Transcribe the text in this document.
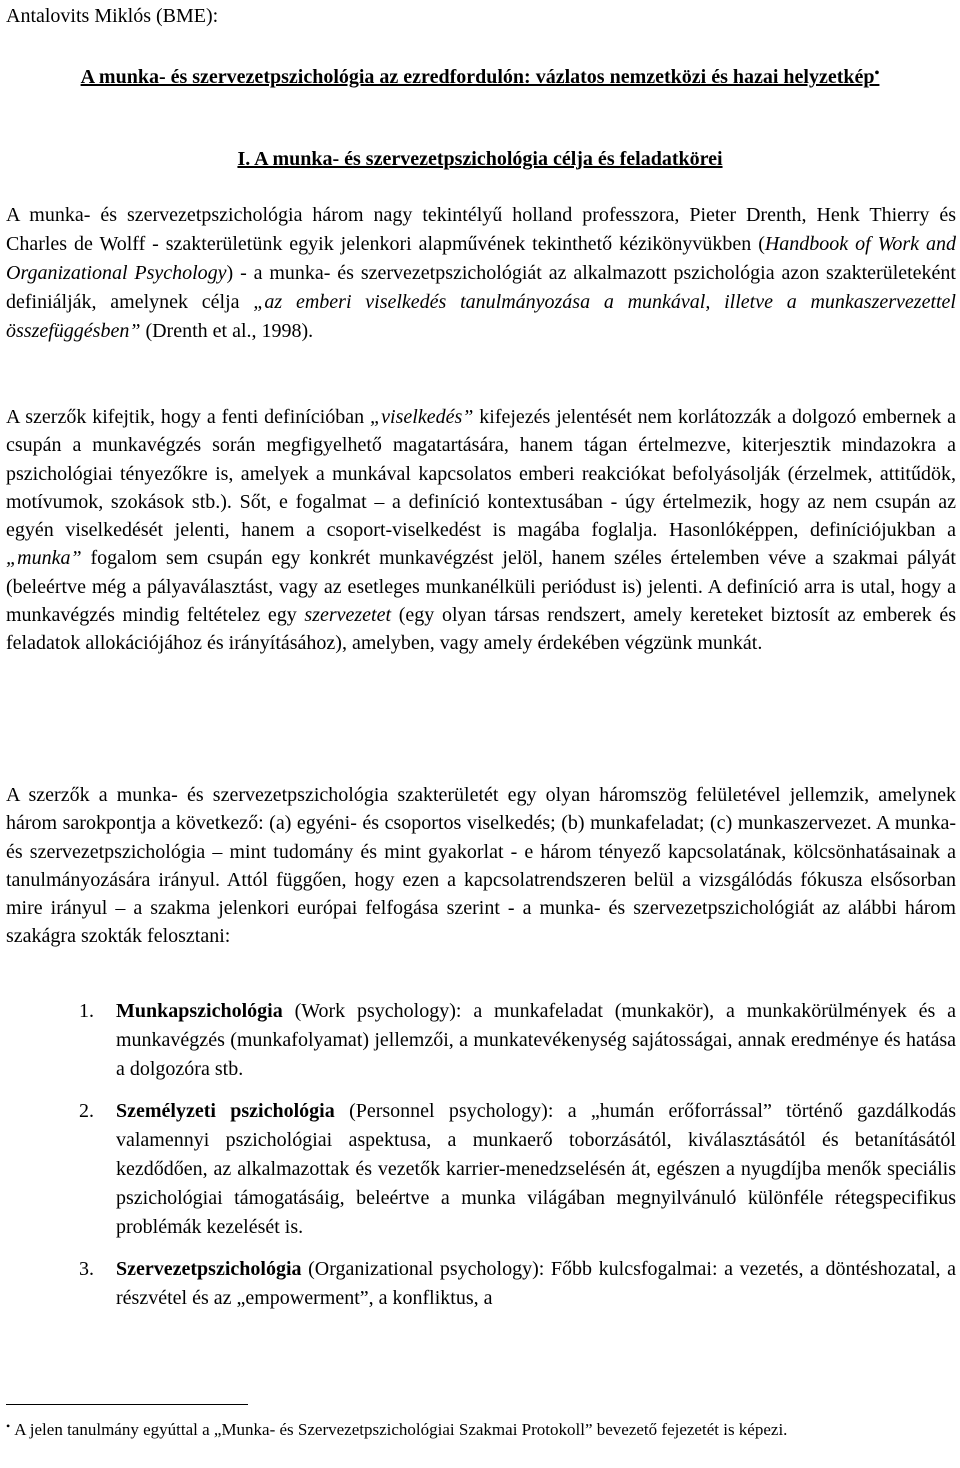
Antalovits Miklós (BME):
A munka- és szervezetpszichológia az ezredfordulón: vázlatos nemzetközi és hazai helyzetkép•
I. A munka- és szervezetpszichológia célja és feladatkörei
A munka- és szervezetpszichológia három nagy tekintélyű holland professzora, Pieter Drenth, Henk Thierry és Charles de Wolff - szakterületünk egyik jelenkori alapművének tekinthető kézikönyvükben (Handbook of Work and Organizational Psychology) - a munka- és szervezetpszichológiát az alkalmazott pszichológia azon szakterületeként definiálják, amelynek célja „az emberi viselkedés tanulmányozása a munkával, illetve a munkaszervezettel összefüggésben” (Drenth et al., 1998).
A szerzők kifejtik, hogy a fenti definícióban „viselkedés” kifejezés jelentését nem korlátozzák a dolgozó embernek a csupán a munkavégzés során megfigyelhető magatartására, hanem tágan értelmezve, kiterjesztik mindazokra a pszichológiai tényezőkre is, amelyek a munkával kapcsolatos emberi reakciókat befolyásolják (érzelmek, attitűdök, motívumok, szokások stb.). Sőt, e fogalmat – a definíció kontextusában - úgy értelmezik, hogy az nem csupán az egyén viselkedését jelenti, hanem a csoport-viselkedést is magába foglalja. Hasonlóképpen, definíciójukban a „munka” fogalom sem csupán egy konkrét munkavégzést jelöl, hanem széles értelemben véve a szakmai pályát (beleértve még a pályaválasztást, vagy az esetleges munkanélküli periódust is) jelenti. A definíció arra is utal, hogy a munkavégzés mindig feltételez egy szervezetet (egy olyan társas rendszert, amely kereteket biztosít az emberek és feladatok allokációjához és irányításához), amelyben, vagy amely érdekében végzünk munkát.
A szerzők a munka- és szervezetpszichológia szakterületét egy olyan háromszög felületével jellemzik, amelynek három sarokpontja a következő: (a) egyéni- és csoportos viselkedés; (b) munkafeladat; (c) munkaszervezet. A munka- és szervezetpszichológia – mint tudomány és mint gyakorlat - e három tényező kapcsolatának, kölcsönhatásainak a tanulmányozására irányul. Attól függően, hogy ezen a kapcsolatrendszeren belül a vizsgálódás fókusza elsősorban mire irányul – a szakma jelenkori európai felfogása szerint - a munka- és szervezetpszichológiát az alábbi három szakágra szokták felosztani:
1. Munkapszichológia (Work psychology): a munkafeladat (munkakör), a munkakörülmények és a munkavégzés (munkafolyamat) jellemzői, a munkatevékenység sajátosságai, annak eredménye és hatása a dolgozóra stb.
2. Személyzeti pszichológia (Personnel psychology): a „humán erőforrással” történő gazdálkodás valamennyi pszichológiai aspektusa, a munkaerő toborzásától, kiválasztásától és betanításától kezdődően, az alkalmazottak és vezetők karrier-menedzselésén át, egészen a nyugdíjba menők speciális pszichológiai támogatásáig, beleértve a munka világában megnyilvánuló különféle rétegspecifikus problémák kezelését is.
3. Szervezetpszichológia (Organizational psychology): Főbb kulcsfogalmai: a vezetés, a döntéshozatal, a részvétel és az „empowerment”, a konfliktus, a
• A jelen tanulmány egyúttal a „Munka- és Szervezetpszichológiai Szakmai Protokoll” bevezető fejezetét is képezi.
